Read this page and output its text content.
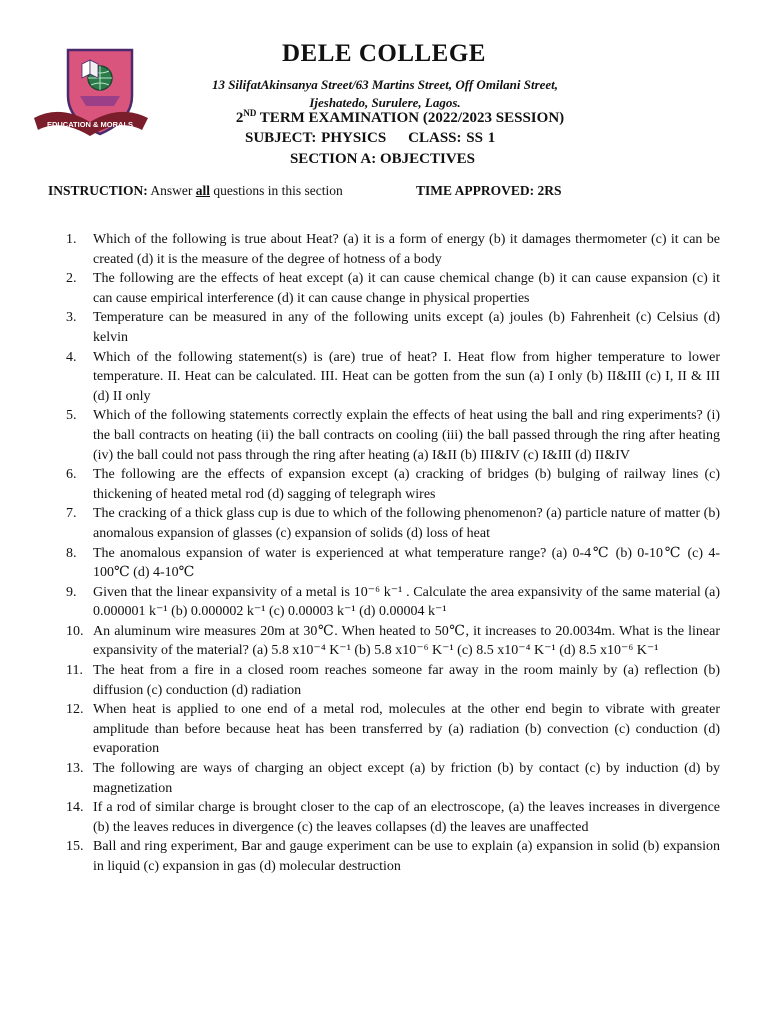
EDUCATION & MORALS
DELE COLLEGE
13 SilifatAkinsanya Street/63 Martins Street, Off Omilani Street,
Ijeshatedo, Surulere, Lagos.
2ND TERM EXAMINATION (2022/2023 SESSION)
SUBJECT: PHYSICS CLASS: SS 1
SECTION A: OBJECTIVES
INSTRUCTION: Answer all questions in this section	TIME APPROVED: 2RS
1. Which of the following is true about Heat? (a) it is a form of energy (b) it damages thermometer (c) it can be created (d) it is the measure of the degree of hotness of a body
2. The following are the effects of heat except (a) it can cause chemical change (b) it can cause expansion (c) it can cause empirical interference (d) it can cause change in physical properties
3. Temperature can be measured in any of the following units except (a) joules (b) Fahrenheit (c) Celsius (d) kelvin
4. Which of the following statement(s) is (are) true of heat? I. Heat flow from higher temperature to lower temperature. II. Heat can be calculated. III. Heat can be gotten from the sun (a) I only (b) II&III (c) I, II & III (d) II only
5. Which of the following statements correctly explain the effects of heat using the ball and ring experiments? (i) the ball contracts on heating (ii) the ball contracts on cooling (iii) the ball passed through the ring after heating (iv) the ball could not pass through the ring after heating (a) I&II (b) III&IV (c) I&III (d) II&IV
6. The following are the effects of expansion except (a) cracking of bridges (b) bulging of railway lines (c) thickening of heated metal rod (d) sagging of telegraph wires
7. The cracking of a thick glass cup is due to which of the following phenomenon? (a) particle nature of matter (b) anomalous expansion of glasses (c) expansion of solids (d) loss of heat
8. The anomalous expansion of water is experienced at what temperature range? (a) 0-4℃ (b) 0-10℃ (c) 4-100℃ (d) 4-10℃
9. Given that the linear expansivity of a metal is 10⁻⁶ k⁻¹ . Calculate the area expansivity of the same material (a) 0.000001 k⁻¹ (b) 0.000002 k⁻¹ (c) 0.00003 k⁻¹ (d) 0.00004 k⁻¹
10. An aluminum wire measures 20m at 30℃. When heated to 50℃, it increases to 20.0034m. What is the linear expansivity of the material? (a) 5.8 x10⁻⁴ K⁻¹ (b) 5.8 x10⁻⁶ K⁻¹ (c) 8.5 x10⁻⁴ K⁻¹ (d) 8.5 x10⁻⁶ K⁻¹
11. The heat from a fire in a closed room reaches someone far away in the room mainly by (a) reflection (b) diffusion (c) conduction (d) radiation
12. When heat is applied to one end of a metal rod, molecules at the other end begin to vibrate with greater amplitude than before because heat has been transferred by (a) radiation (b) convection (c) conduction (d) evaporation
13. The following are ways of charging an object except (a) by friction (b) by contact (c) by induction (d) by magnetization
14. If a rod of similar charge is brought closer to the cap of an electroscope, (a) the leaves increases in divergence (b) the leaves reduces in divergence (c) the leaves collapses (d) the leaves are unaffected
15. Ball and ring experiment, Bar and gauge experiment can be use to explain (a) expansion in solid (b) expansion in liquid (c) expansion in gas (d) molecular destruction
